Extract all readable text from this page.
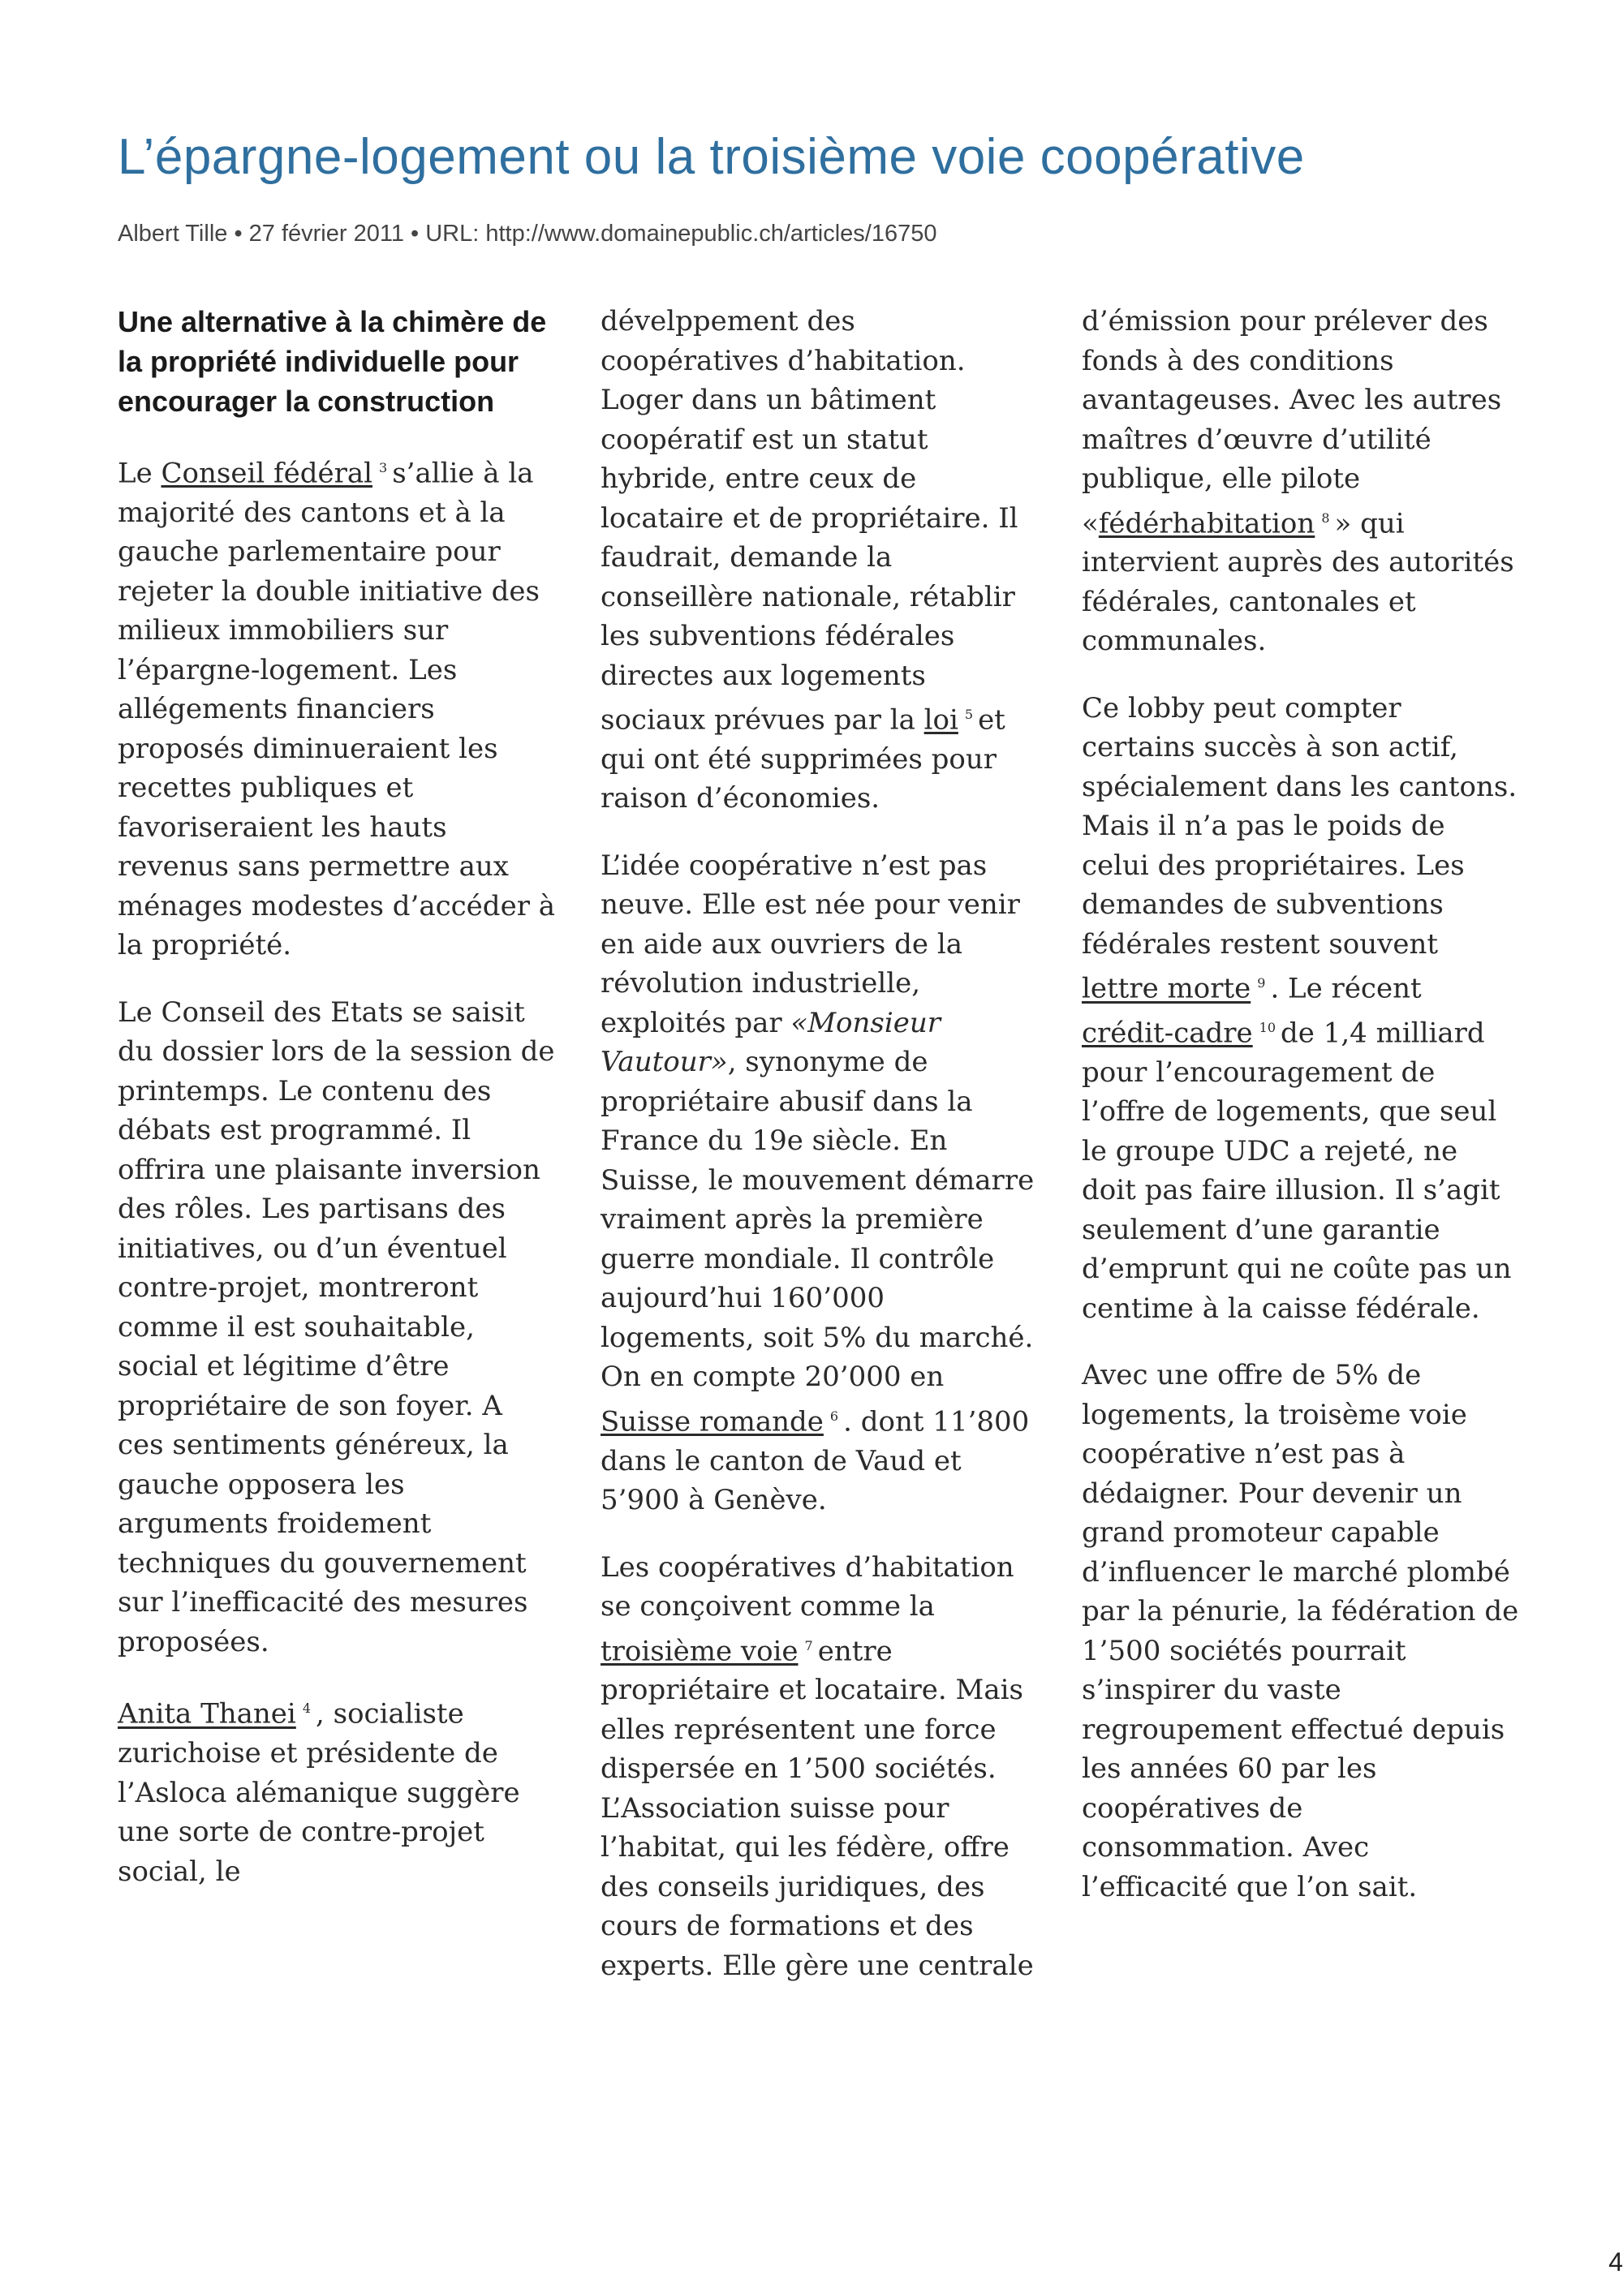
L’épargne-logement ou la troisième voie coopérative
Albert Tille • 27 février 2011 • URL: http://www.domainepublic.ch/articles/16750
Une alternative à la chimère de la propriété individuelle pour encourager la construction

Le Conseil fédéral $^3$ s’allie à la majorité des cantons et à la gauche parlementaire pour rejeter la double initiative des milieux immobiliers sur l’épargne-logement. Les allégements financiers proposés diminueraient les recettes publiques et favoriseraient les hauts revenus sans permettre aux ménages modestes d’accéder à la propriété.

Le Conseil des Etats se saisit du dossier lors de la session de printemps. Le contenu des débats est programmé. Il offrira une plaisante inversion des rôles. Les partisans des initiatives, ou d’un éventuel contre-projet, montreront comme il est souhaitable, social et légitime d’être propriétaire de son foyer. A ces sentiments généreux, la gauche opposera les arguments froidement techniques du gouvernement sur l’inefficacité des mesures proposées.

Anita Thanei $^4$ , socialiste zurichoise et présidente de l’Asloca alémanique suggère une sorte de contre-projet social, le

dévelppement des coopératives d’habitation. Loger dans un bâtiment coopératif est un statut hybride, entre ceux de locataire et de propriétaire. Il faudrait, demande la conseillère nationale, rétablir les subventions fédérales directes aux logements sociaux prévues par la loi $^5$ et qui ont été supprimées pour raison d’économies.

L’idée coopérative n’est pas neuve. Elle est née pour venir en aide aux ouvriers de la révolution industrielle, exploités par «Monsieur Vautour», synonyme de propriétaire abusif dans la France du 19e siècle. En Suisse, le mouvement démarre vraiment après la première guerre mondiale. Il contrôle aujourd’hui 160’000 logements, soit 5% du marché. On en compte 20’000 en Suisse romande $^6$ . dont 11’800 dans le canton de Vaud et 5’900 à Genève.

Les coopératives d’habitation se conçoivent comme la troisième voie $^7$ entre propriétaire et locataire. Mais elles représentent une force dispersée en 1’500 sociétés. L’Association suisse pour l’habitat, qui les fédère, offre des conseils juridiques, des cours de formations et des experts. Elle gère une centrale

d’émission pour prélever des fonds à des conditions avantageuses. Avec les autres maîtres d’œuvre d’utilité publique, elle pilote «fédérhabitation $^8$ » qui intervient auprès des autorités fédérales, cantonales et communales.

Ce lobby peut compter certains succès à son actif, spécialement dans les cantons. Mais il n’a pas le poids de celui des propriétaires. Les demandes de subventions fédérales restent souvent lettre morte $^9$ . Le récent crédit-cadre $^{10}$ de 1,4 milliard pour l’encouragement de l’offre de logements, que seul le groupe UDC a rejeté, ne doit pas faire illusion. Il s’agit seulement d’une garantie d’emprunt qui ne coûte pas un centime à la caisse fédérale.

Avec une offre de 5% de logements, la troisème voie coopérative n’est pas à dédaigner. Pour devenir un grand promoteur capable d’influencer le marché plombé par la pénurie, la fédération de 1’500 sociétés pourrait s’inspirer du vaste regroupement effectué depuis les années 60 par les coopératives de consommation. Avec l’efficacité que l’on sait.

4
